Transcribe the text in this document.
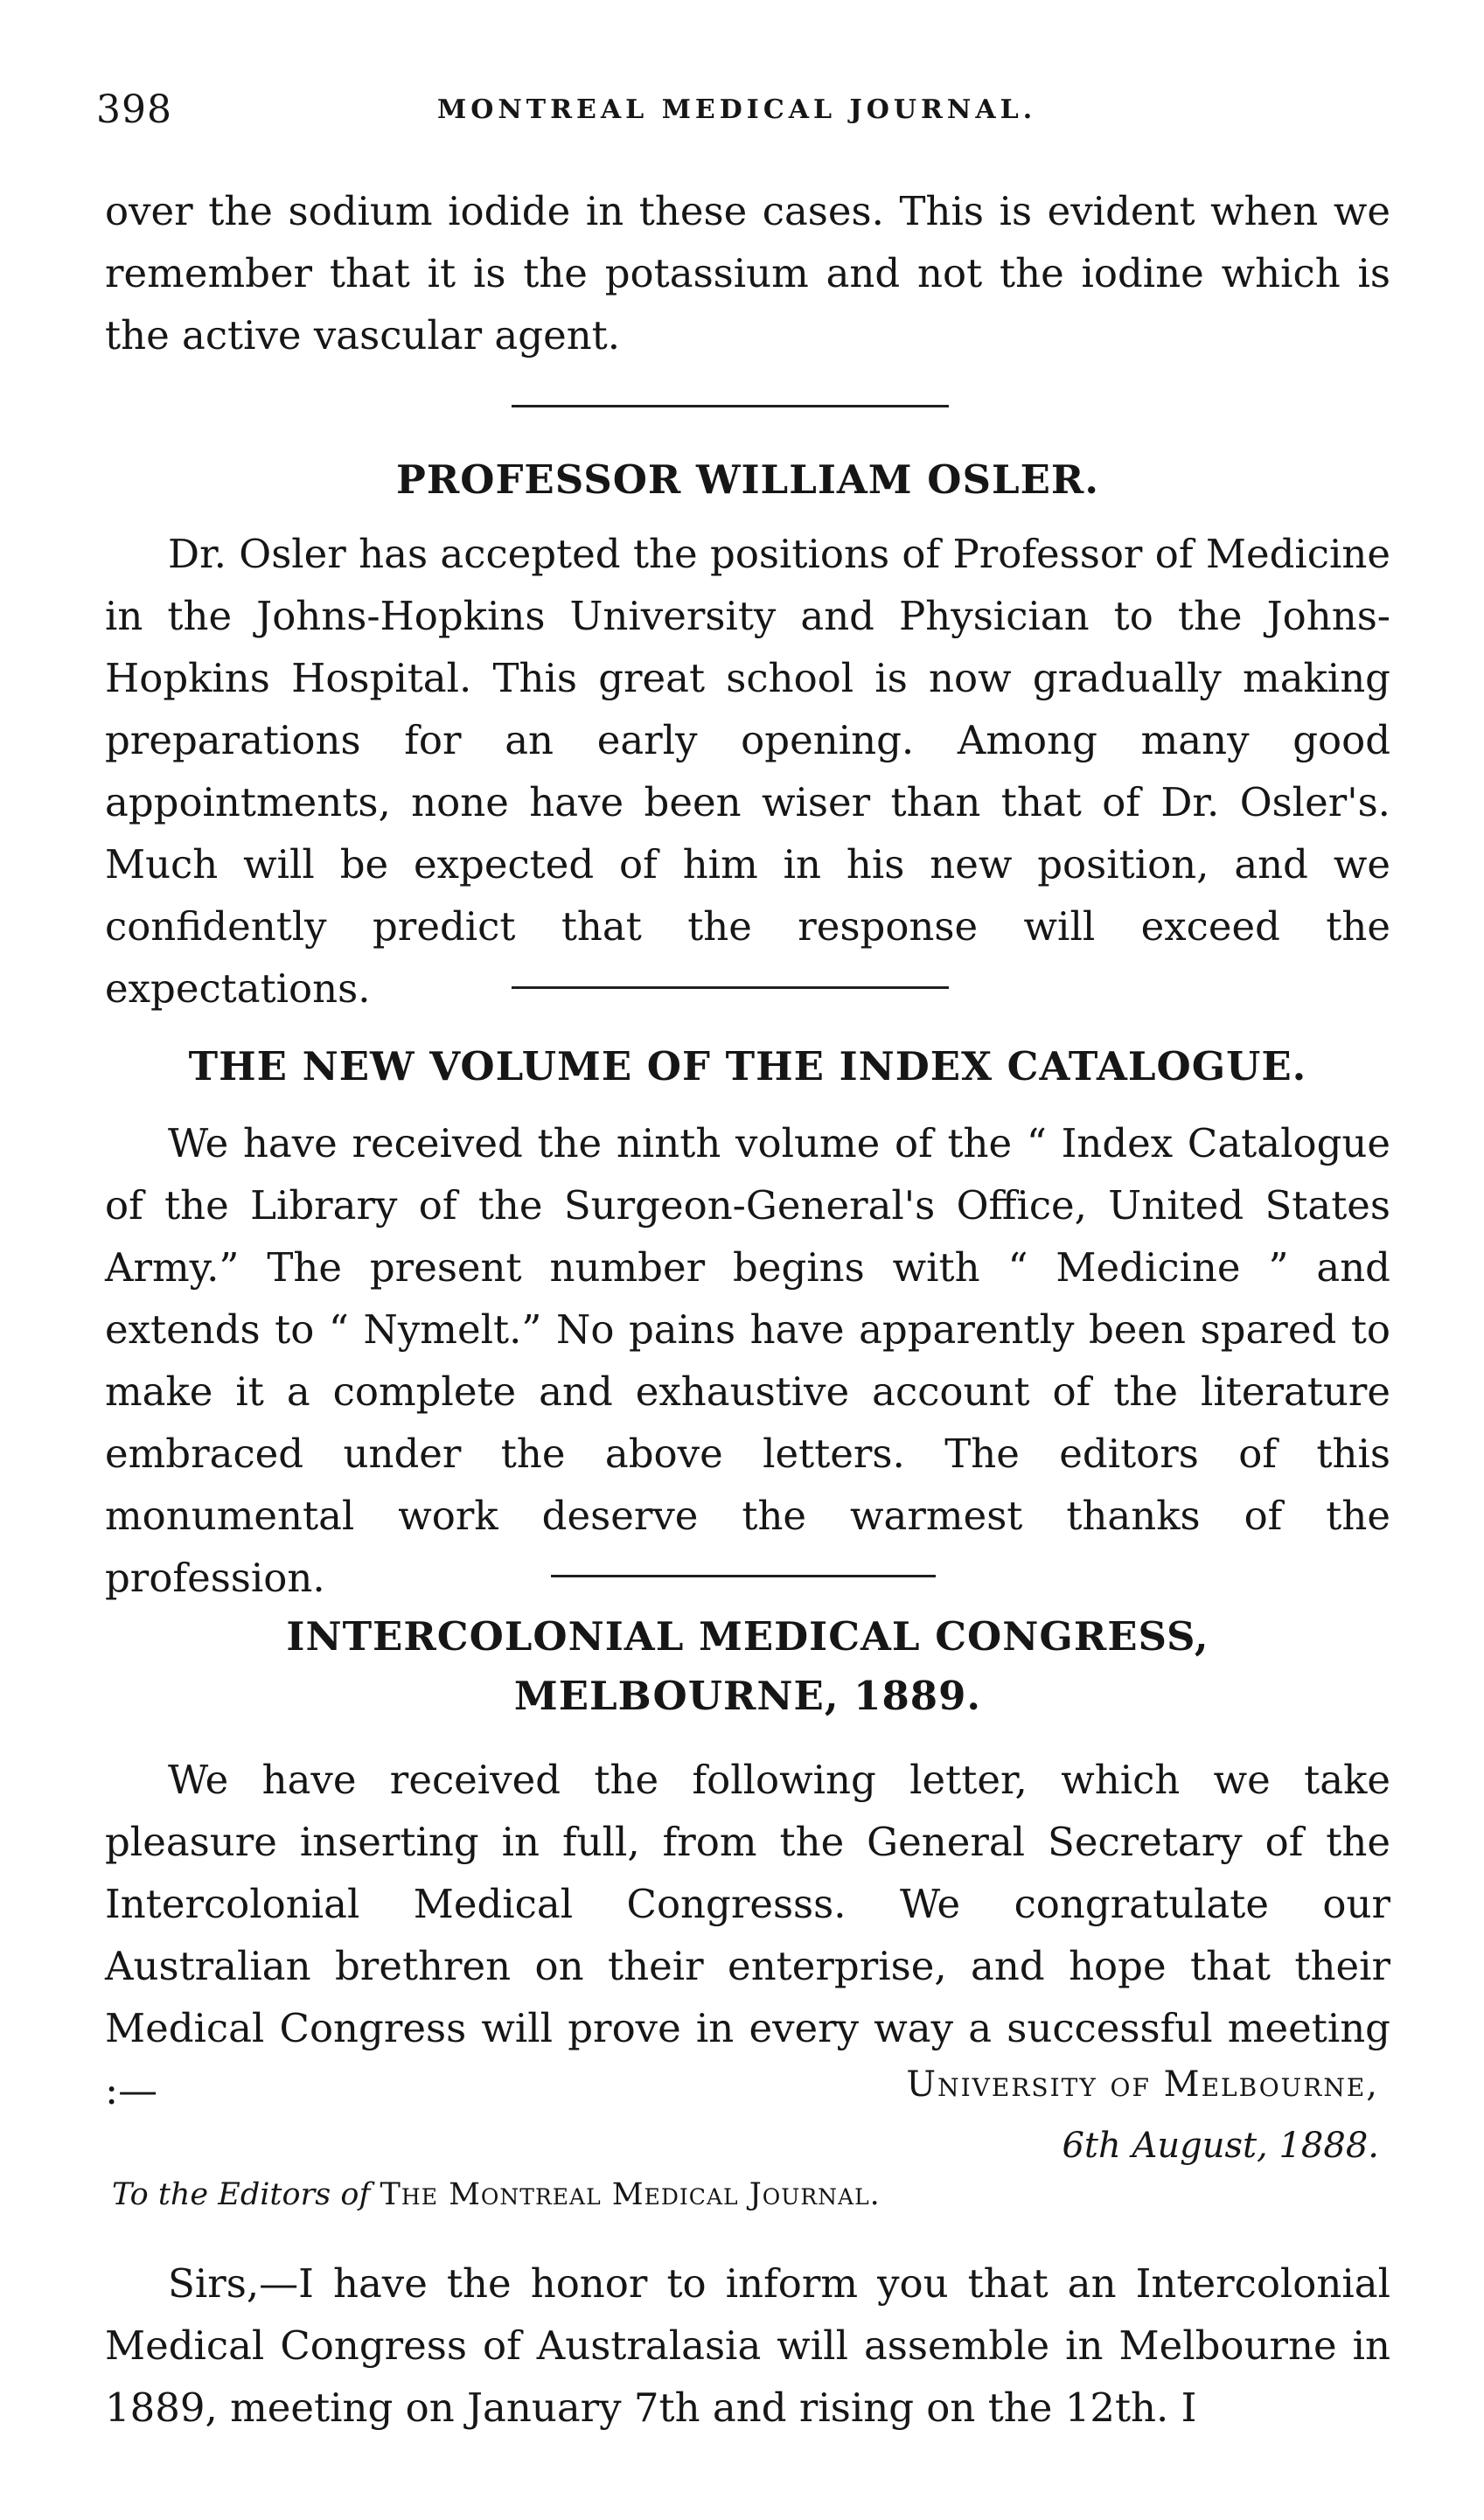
398	MONTREAL MEDICAL JOURNAL.

over the sodium iodide in these cases. This is evident when we remember that it is the potassium and not the iodine which is the active vascular agent.

PROFESSOR WILLIAM OSLER.

Dr. Osler has accepted the positions of Professor of Medicine in the Johns-Hopkins University and Physician to the Johns-Hopkins Hospital. This great school is now gradually making preparations for an early opening. Among many good appointments, none have been wiser than that of Dr. Osler's. Much will be expected of him in his new position, and we confidently predict that the response will exceed the expectations.

THE NEW VOLUME OF THE INDEX CATALOGUE.

We have received the ninth volume of the “ Index Catalogue of the Library of the Surgeon-General's Office, United States Army.” The present number begins with “ Medicine ” and extends to “ Nymelt.” No pains have apparently been spared to make it a complete and exhaustive account of the literature embraced under the above letters. The editors of this monumental work deserve the warmest thanks of the profession.

INTERCOLONIAL MEDICAL CONGRESS,
MELBOURNE, 1889.

We have received the following letter, which we take pleasure inserting in full, from the General Secretary of the Intercolonial Medical Congresss. We congratulate our Australian brethren on their enterprise, and hope that their Medical Congress will prove in every way a successful meeting :—	University of Melbourne,

6th August, 1888.

To the Editors of The Montreal Medical Journal.

Sirs,—I have the honor to inform you that an Intercolonial Medical Congress of Australasia will assemble in Melbourne in 1889, meeting on January 7th and rising on the 12th. I
